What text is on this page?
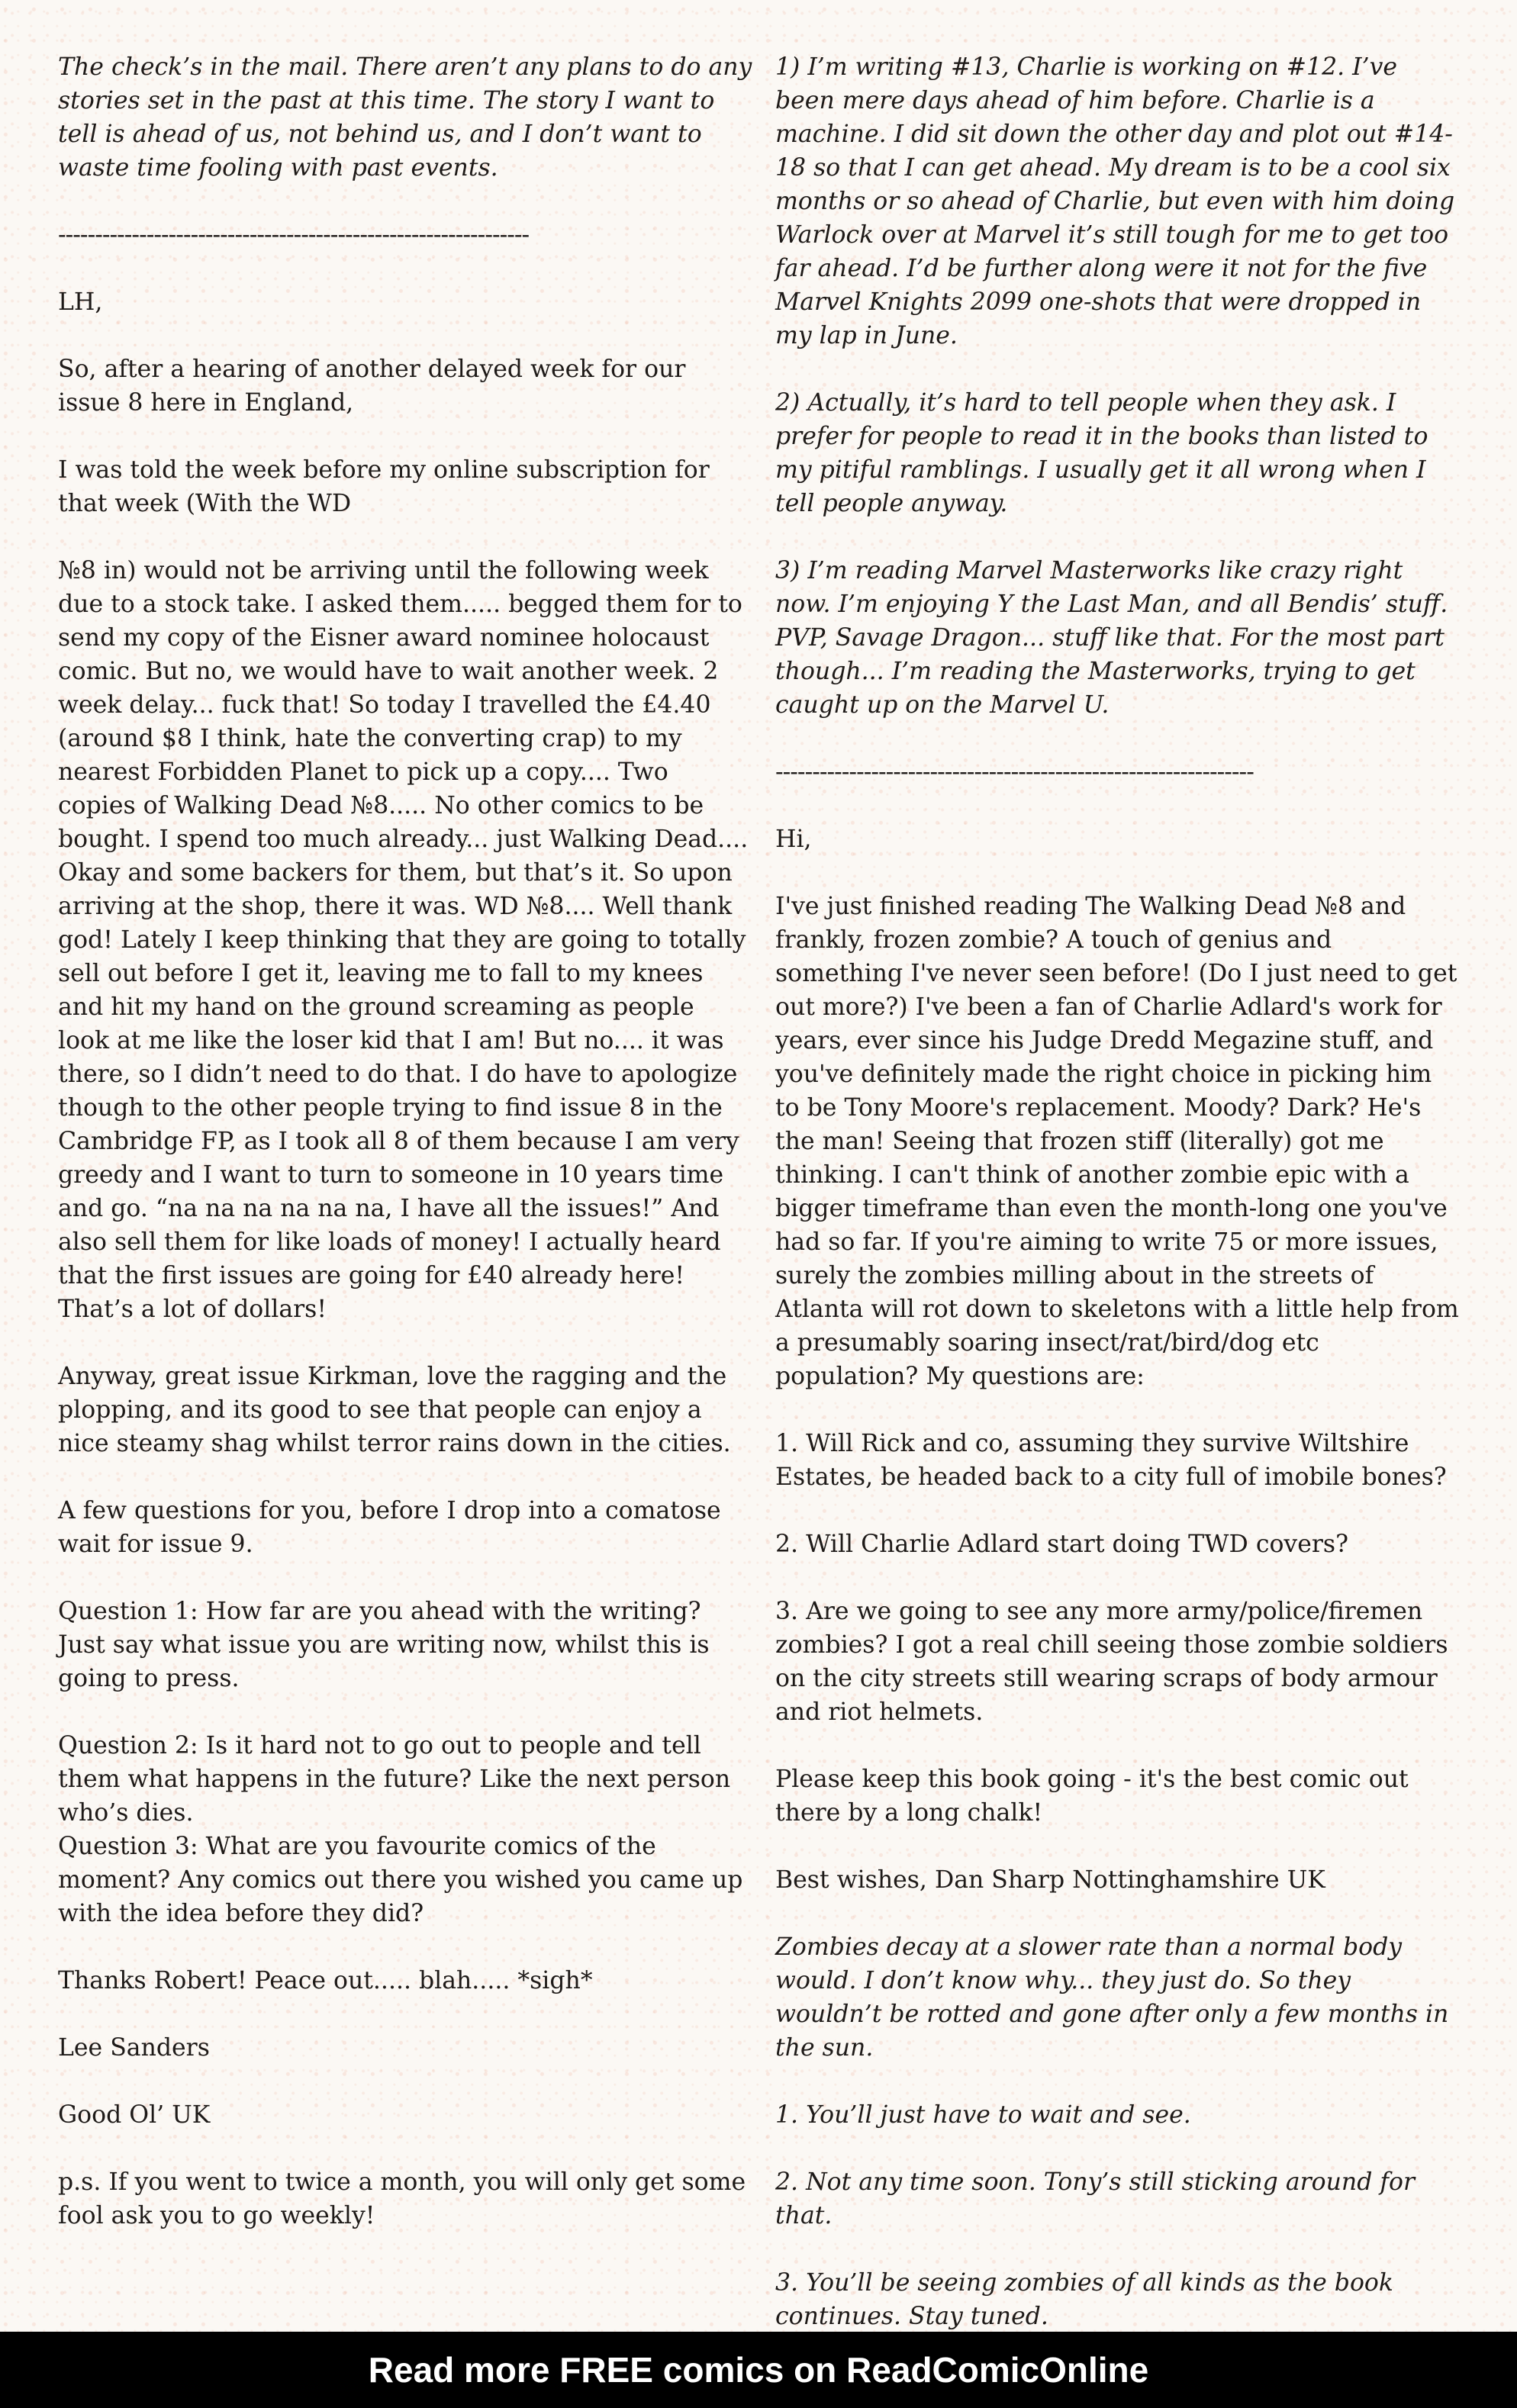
The check’s in the mail. There aren’t any plans to do any stories set in the past at this time. The story I want to tell is ahead of us, not behind us, and I don’t want to waste time fooling with past events.

----------------------------------------------------------------

LH,

So, after a hearing of another delayed week for our issue 8 here in England,

I was told the week before my online subscription for that week (With the WD

№8 in) would not be arriving until the following week due to a stock take. I asked them..... begged them for to send my copy of the Eisner award nominee holocaust comic. But no, we would have to wait another week. 2 week delay... fuck that! So today I travelled the £4.40 (around $8 I think, hate the converting crap) to my nearest Forbidden Planet to pick up a copy.... Two copies of Walking Dead №8..... No other comics to be bought. I spend too much already... just Walking Dead.... Okay and some backers for them, but that’s it. So upon arriving at the shop, there it was. WD №8.... Well thank god! Lately I keep thinking that they are going to totally sell out before I get it, leaving me to fall to my knees and hit my hand on the ground screaming as people look at me like the loser kid that I am! But no.... it was there, so I didn’t need to do that. I do have to apologize though to the other people trying to find issue 8 in the Cambridge FP, as I took all 8 of them because I am very greedy and I want to turn to someone in 10 years time and go. “na na na na na na, I have all the issues!” And also sell them for like loads of money! I actually heard that the first issues are going for £40 already here! That’s a lot of dollars!

Anyway, great issue Kirkman, love the ragging and the plopping, and its good to see that people can enjoy a nice steamy shag whilst terror rains down in the cities.

A few questions for you, before I drop into a comatose wait for issue 9.

Question 1: How far are you ahead with the writing? Just say what issue you are writing now, whilst this is going to press.

Question 2: Is it hard not to go out to people and tell them what happens in the future? Like the next person who’s dies.

Question 3: What are you favourite comics of the moment? Any comics out there you wished you came up with the idea before they did?

Thanks Robert! Peace out..... blah..... *sigh*

Lee Sanders

Good Ol’ UK

p.s. If you went to twice a month, you will only get some fool ask you to go weekly!

1) I’m writing #13, Charlie is working on #12. I’ve been mere days ahead of him before. Charlie is a machine. I did sit down the other day and plot out #14-18 so that I can get ahead. My dream is to be a cool six months or so ahead of Charlie, but even with him doing Warlock over at Marvel it’s still tough for me to get too far ahead. I’d be further along were it not for the five Marvel Knights 2099 one-shots that were dropped in my lap in June.

2) Actually, it’s hard to tell people when they ask. I prefer for people to read it in the books than listed to my pitiful ramblings. I usually get it all wrong when I tell people anyway.

3) I’m reading Marvel Masterworks like crazy right now. I’m enjoying Y the Last Man, and all Bendis’ stuff. PVP, Savage Dragon... stuff like that. For the most part though... I’m reading the Masterworks, trying to get caught up on the Marvel U.

-----------------------------------------------------------------

Hi,

I've just finished reading The Walking Dead №8 and frankly, frozen zombie? A touch of genius and something I've never seen before! (Do I just need to get out more?) I've been a fan of Charlie Adlard's work for years, ever since his Judge Dredd Megazine stuff, and you've definitely made the right choice in picking him to be Tony Moore's replacement. Moody? Dark? He's the man! Seeing that frozen stiff (literally) got me thinking. I can't think of another zombie epic with a bigger timeframe than even the month-long one you've had so far. If you're aiming to write 75 or more issues, surely the zombies milling about in the streets of Atlanta will rot down to skeletons with a little help from a presumably soaring insect/rat/bird/dog etc population? My questions are:

1. Will Rick and co, assuming they survive Wiltshire Estates, be headed back to a city full of imobile bones?

2. Will Charlie Adlard start doing TWD covers?

3. Are we going to see any more army/police/firemen zombies? I got a real chill seeing those zombie soldiers on the city streets still wearing scraps of body armour and riot helmets.

Please keep this book going - it's the best comic out there by a long chalk!

Best wishes, Dan Sharp Nottinghamshire UK

Zombies decay at a slower rate than a normal body would. I don’t know why... they just do. So they wouldn’t be rotted and gone after only a few months in the sun.

1. You’ll just have to wait and see.

2. Not any time soon. Tony’s still sticking around for that.

3. You’ll be seeing zombies of all kinds as the book continues. Stay tuned.

Read more FREE comics on ReadComicOnline
